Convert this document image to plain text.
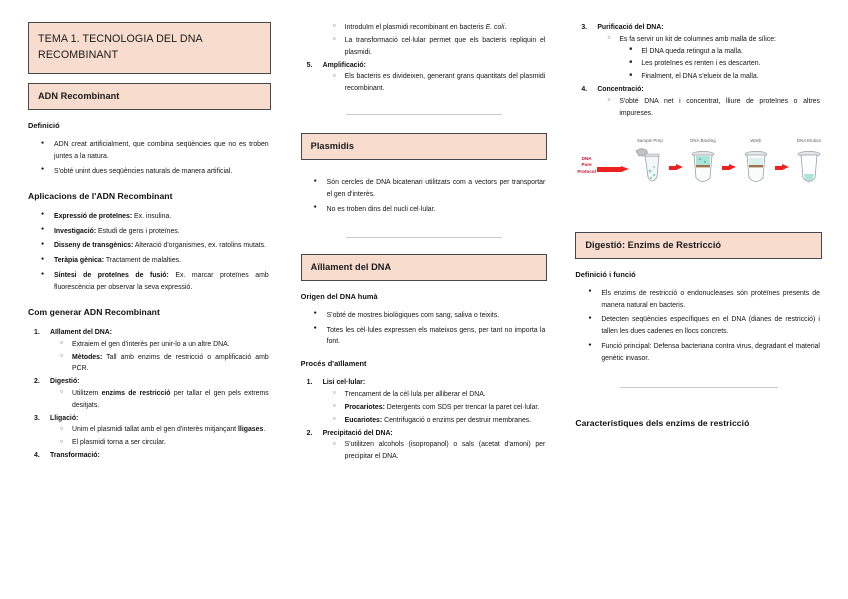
TEMA 1. TECNOLOGIA DEL DNA RECOMBINANT
ADN Recombinant
Definició
● ADN creat artificialment, que combina seqüències que no es troben juntes a la natura.
● S'obté unint dues seqüències naturals de manera artificial.
Aplicacions de l'ADN Recombinant
● Expressió de proteïnes: Ex. insulina.
● Investigació: Estudi de gens i proteïnes.
● Disseny de transgènics: Alteració d'organismes, ex. ratolins mutats.
● Teràpia gènica: Tractament de malalties.
● Síntesi de proteïnes de fusió: Ex. marcar proteïnes amb fluorescència per observar la seva expressió.
Com generar ADN Recombinant
1 . Aïllament del DNA:
○ Extraiem el gen d'interès per unir-lo a un altre DNA.
○ Mètodes: Tall amb enzims de restricció o amplificació amb PCR.
2 . Digestió:
○ Utilitzem enzims de restricció per tallar el gen pels extrems desitjats.
3 . Lligació:
○ Unim el plasmidi tallat amb el gen d'interès mitjançant lligases.
○ El plasmidi torna a ser circular.
4 . Transformació:
○ Introduïm el plasmidi recombinant en bacteris E. coli.
○ La transformació cel·lular permet que els bacteris repliquin el plasmidi.
5 . Amplificació:
○ Els bacteris es divideixen, generant grans quantitats del plasmidi recombinant.
Plasmidis
● Són cercles de DNA bicatenari utilitzats com a vectors per transportar el gen d'interès.
● No es troben dins del nucli cel·lular.
Aïllament del DNA
Origen del DNA humà
● S'obté de mostres biològiques com sang, saliva o teixits.
● Totes les cèl·lules expressen els mateixos gens, per tant no importa la font.
Procés d'aïllament
1 . Lisi cel·lular:
○ Trencament de la cèl·lula per alliberar el DNA.
○ Procariotes: Detergents com SDS per trencar la paret cel·lular.
○ Eucariotes: Centrifugació o enzims per destruir membranes.
2 . Precipitació del DNA:
○ S'utilitzen alcohols (isopropanol) o sals (acetat d'amoni) per precipitar el DNA.
3 . Purificació del DNA:
○ Es fa servir un kit de columnes amb malla de sílice:
■ El DNA queda retingut a la malla.
■ Les proteïnes es renten i es descarten.
■ Finalment, el DNA s'elueix de la malla.
4 . Concentració:
○ S'obté DNA net i concentrat, lliure de proteïnes o altres impureses.
DNA Pure Protocol
Sample Prep	DNA Binding	Wash	DNA Elution
Digestió: Enzims de Restricció
Definició i funció
● Els enzims de restricció o endonucleases són proteïnes presents de manera natural en bacteris.
● Detecten seqüències específiques en el DNA (dianes de restricció) i tallen les dues cadenes en llocs concrets.
● Funció principal: Defensa bacteriana contra virus, degradant el material genètic invasor.
Característiques dels enzims de restricció
